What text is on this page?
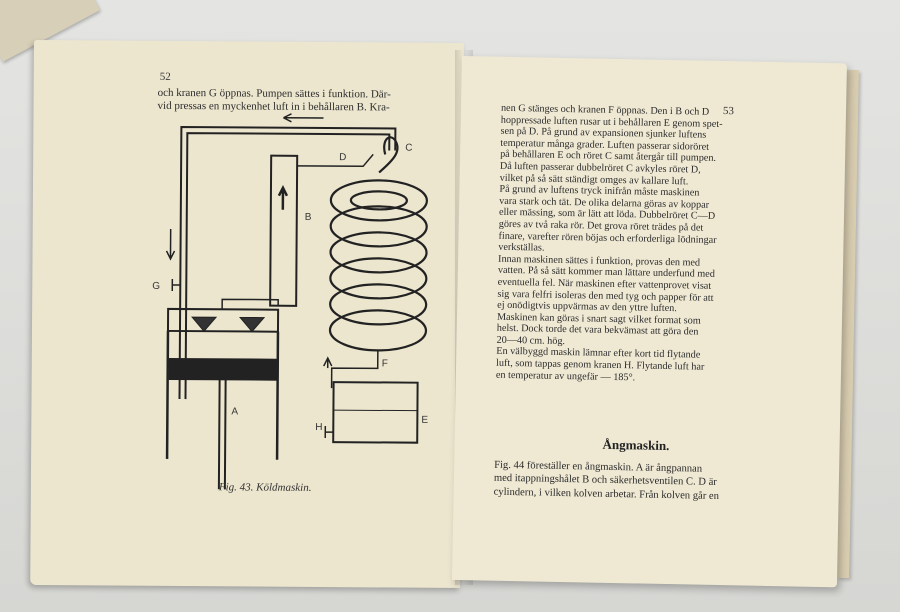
52
och kranen G öppnas. Pumpen sättes i funktion. Där-
vid pressas en myckenhet luft in i behållaren B. Kra-
G
B
C
D
E
F
H
A
Fig. 43. Köldmaskin.
53
nen G stänges och kranen F öppnas. Den i B och D
hoppressade luften rusar ut i behållaren E genom spet-
sen på D. På grund av expansionen sjunker luftens
temperatur många grader. Luften passerar sidoröret
på behållaren E och röret C samt återgår till pumpen.
Då luften passerar dubbelröret C avkyles röret D,
vilket på så sätt ständigt omges av kallare luft.
På grund av luftens tryck inifrån måste maskinen
vara stark och tät. De olika delarna göras av koppar
eller mässing, som är lätt att löda. Dubbelröret C—D
göres av två raka rör. Det grova röret trädes på det
finare, varefter rören böjas och erforderliga lödningar
verkställas.
Innan maskinen sättes i funktion, provas den med
vatten. På så sätt kommer man lättare underfund med
eventuella fel. När maskinen efter vattenprovet visat
sig vara felfri isoleras den med tyg och papper för att
ej onödigtvis uppvärmas av den yttre luften.
Maskinen kan göras i snart sagt vilket format som
helst. Dock torde det vara bekvämast att göra den
20—40 cm. hög.
En välbyggd maskin lämnar efter kort tid flytande
luft, som tappas genom kranen H. Flytande luft har
en temperatur av ungefär — 185°.
Ångmaskin.
Fig. 44 föreställer en ångmaskin. A är ångpannan
med itappningshålet B och säkerhetsventilen C. D är
cylindern, i vilken kolven arbetar. Från kolven går en
